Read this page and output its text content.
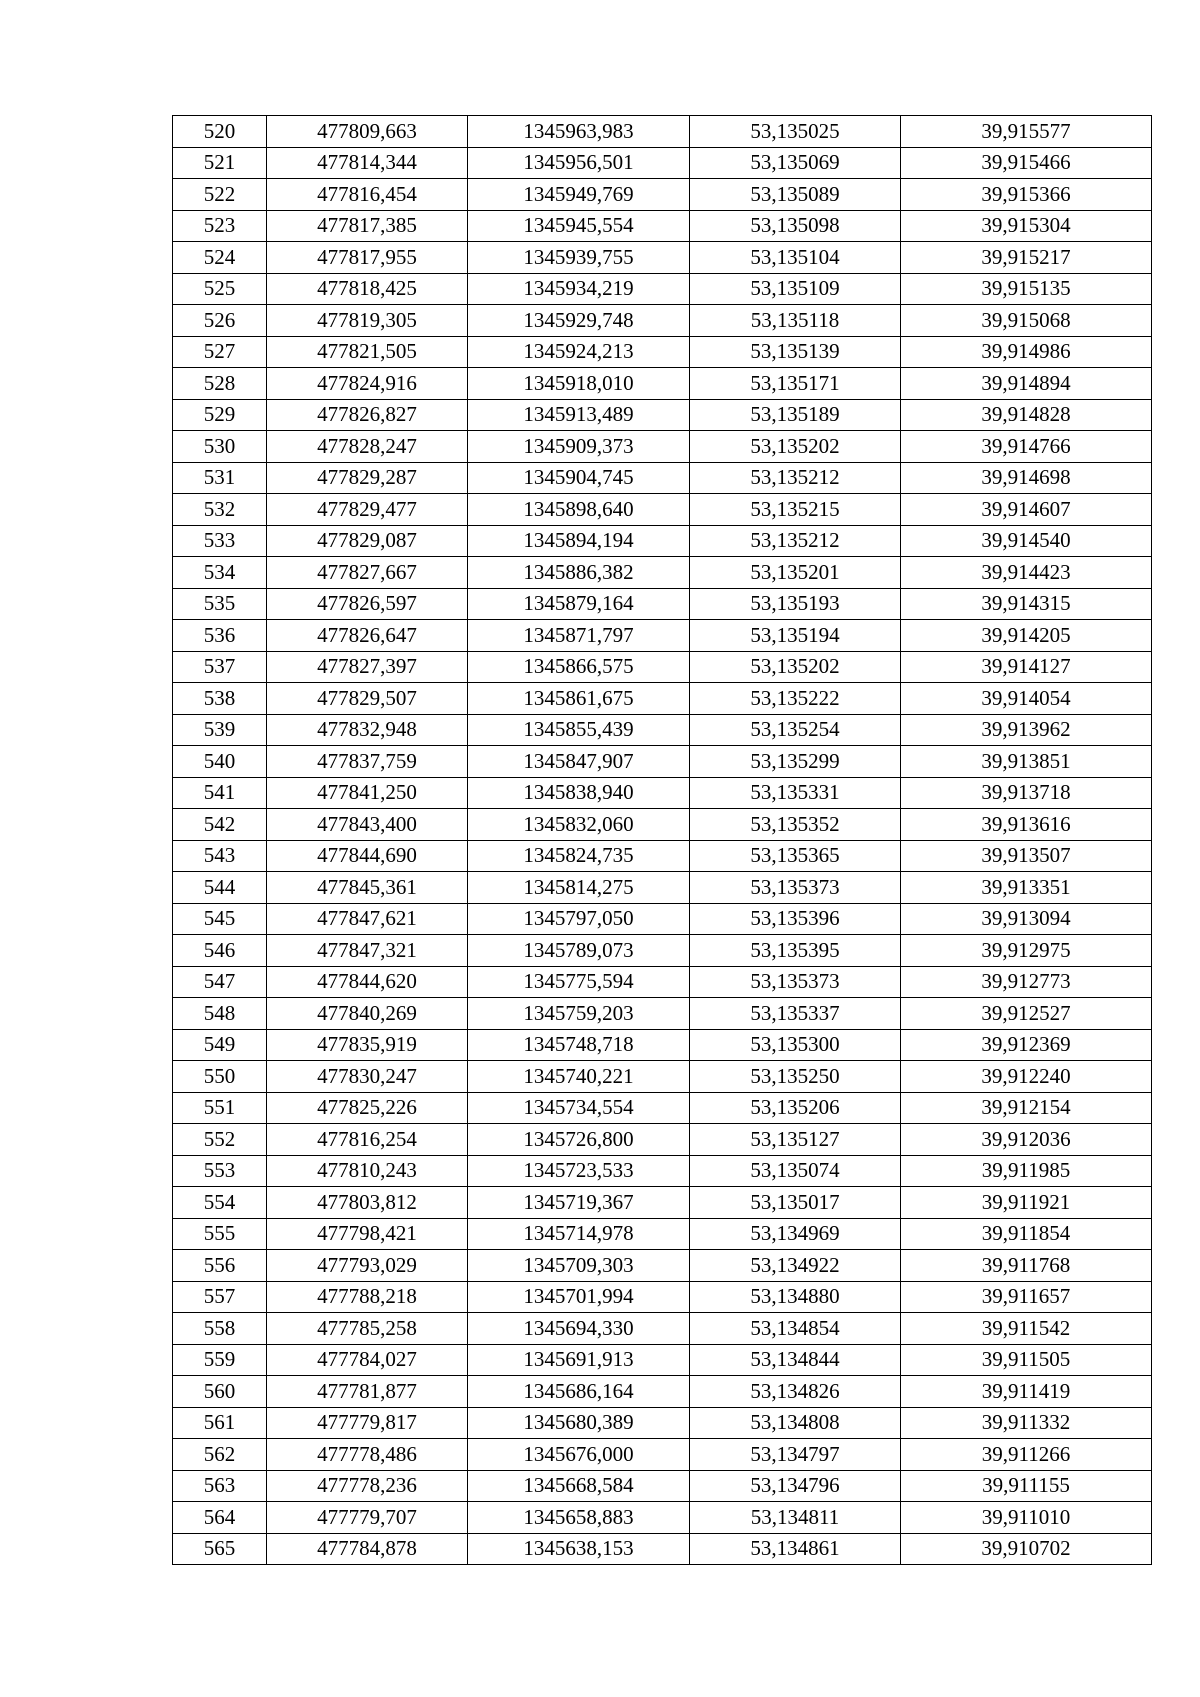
520	477809,663	1345963,983	53,135025	39,915577
521	477814,344	1345956,501	53,135069	39,915466
522	477816,454	1345949,769	53,135089	39,915366
523	477817,385	1345945,554	53,135098	39,915304
524	477817,955	1345939,755	53,135104	39,915217
525	477818,425	1345934,219	53,135109	39,915135
526	477819,305	1345929,748	53,135118	39,915068
527	477821,505	1345924,213	53,135139	39,914986
528	477824,916	1345918,010	53,135171	39,914894
529	477826,827	1345913,489	53,135189	39,914828
530	477828,247	1345909,373	53,135202	39,914766
531	477829,287	1345904,745	53,135212	39,914698
532	477829,477	1345898,640	53,135215	39,914607
533	477829,087	1345894,194	53,135212	39,914540
534	477827,667	1345886,382	53,135201	39,914423
535	477826,597	1345879,164	53,135193	39,914315
536	477826,647	1345871,797	53,135194	39,914205
537	477827,397	1345866,575	53,135202	39,914127
538	477829,507	1345861,675	53,135222	39,914054
539	477832,948	1345855,439	53,135254	39,913962
540	477837,759	1345847,907	53,135299	39,913851
541	477841,250	1345838,940	53,135331	39,913718
542	477843,400	1345832,060	53,135352	39,913616
543	477844,690	1345824,735	53,135365	39,913507
544	477845,361	1345814,275	53,135373	39,913351
545	477847,621	1345797,050	53,135396	39,913094
546	477847,321	1345789,073	53,135395	39,912975
547	477844,620	1345775,594	53,135373	39,912773
548	477840,269	1345759,203	53,135337	39,912527
549	477835,919	1345748,718	53,135300	39,912369
550	477830,247	1345740,221	53,135250	39,912240
551	477825,226	1345734,554	53,135206	39,912154
552	477816,254	1345726,800	53,135127	39,912036
553	477810,243	1345723,533	53,135074	39,911985
554	477803,812	1345719,367	53,135017	39,911921
555	477798,421	1345714,978	53,134969	39,911854
556	477793,029	1345709,303	53,134922	39,911768
557	477788,218	1345701,994	53,134880	39,911657
558	477785,258	1345694,330	53,134854	39,911542
559	477784,027	1345691,913	53,134844	39,911505
560	477781,877	1345686,164	53,134826	39,911419
561	477779,817	1345680,389	53,134808	39,911332
562	477778,486	1345676,000	53,134797	39,911266
563	477778,236	1345668,584	53,134796	39,911155
564	477779,707	1345658,883	53,134811	39,911010
565	477784,878	1345638,153	53,134861	39,910702
